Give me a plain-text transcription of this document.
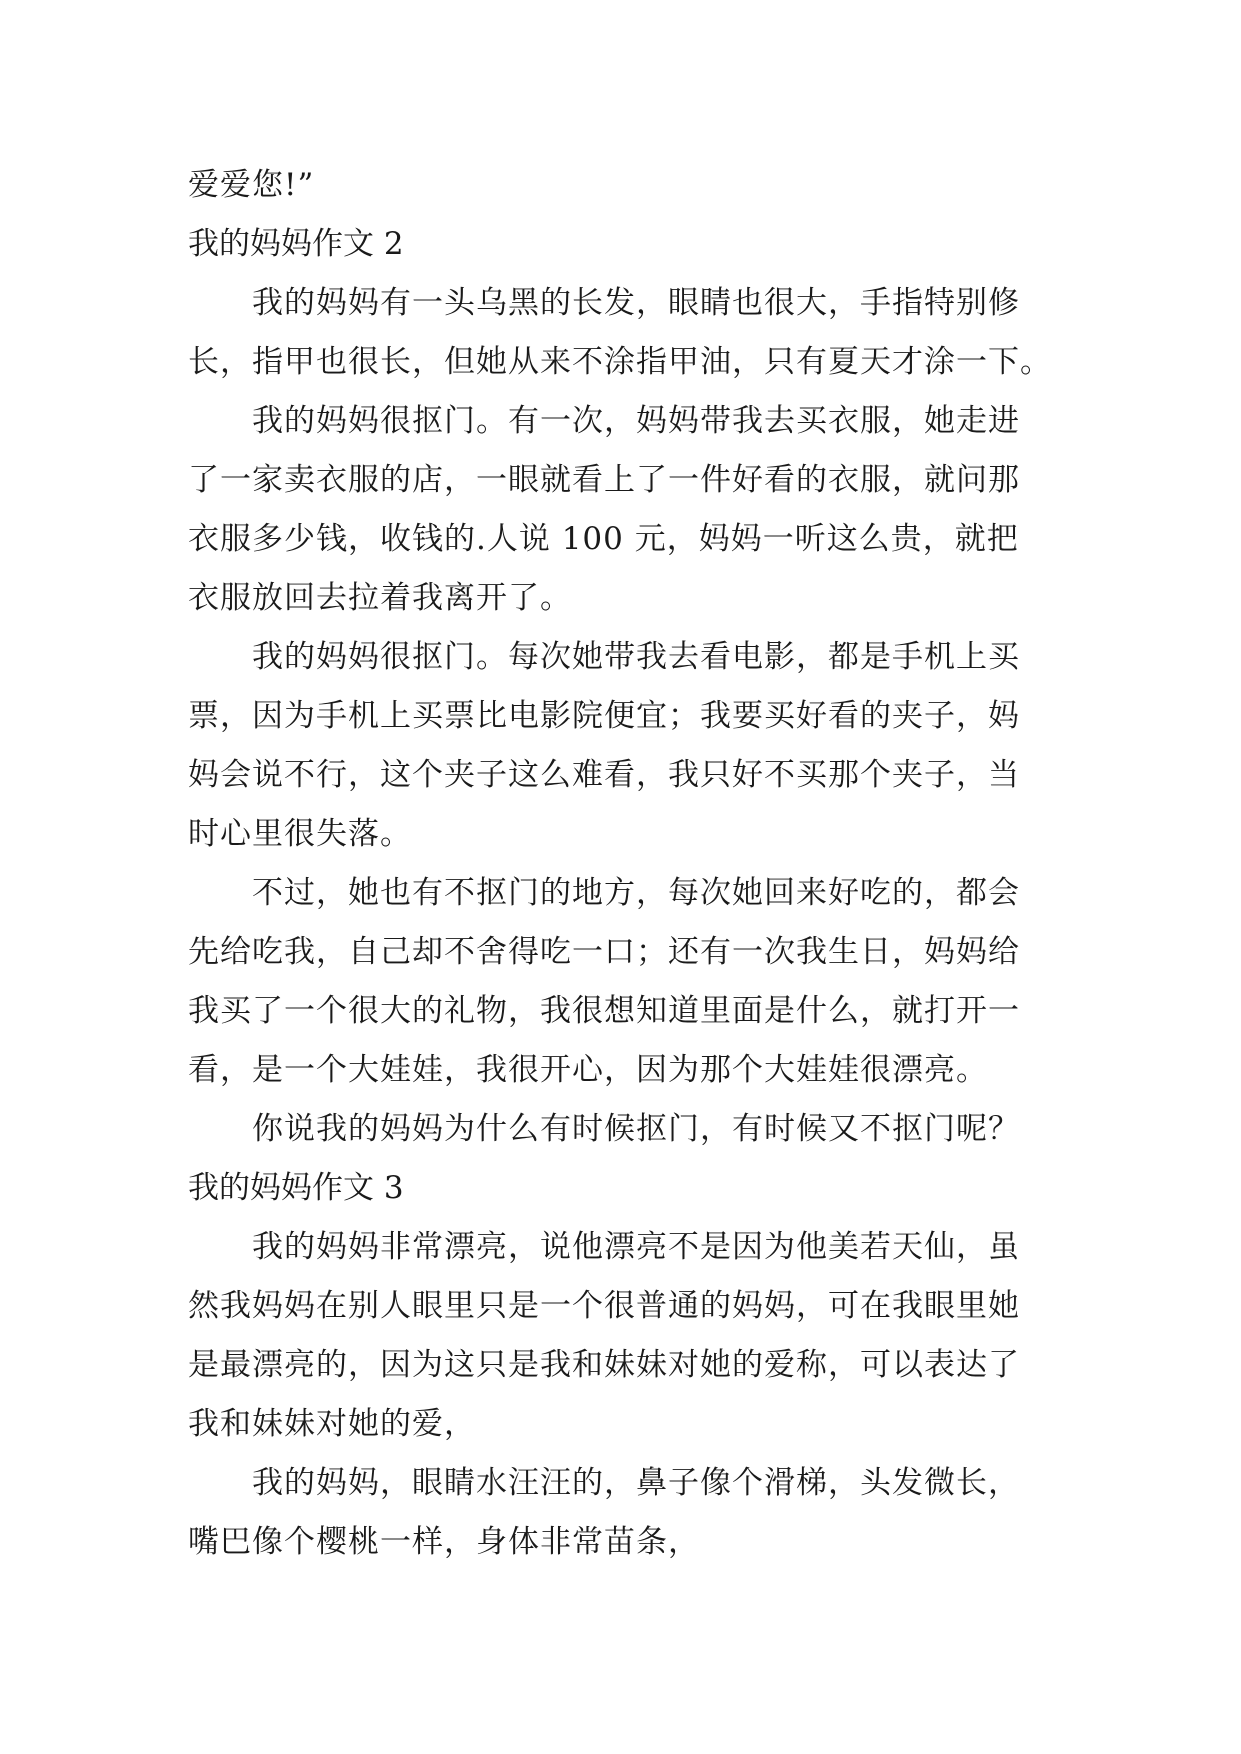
爱爱您!”
我的妈妈作文 2
我的妈妈有一头乌黑的长发，眼睛也很大，手指特别修
长，指甲也很长，但她从来不涂指甲油，只有夏天才涂一下。
我的妈妈很抠门。有一次，妈妈带我去买衣服，她走进
了一家卖衣服的店，一眼就看上了一件好看的衣服，就问那
衣服多少钱，收钱的.人说 100 元，妈妈一听这么贵，就把
衣服放回去拉着我离开了。
我的妈妈很抠门。每次她带我去看电影，都是手机上买
票，因为手机上买票比电影院便宜；我要买好看的夹子，妈
妈会说不行，这个夹子这么难看，我只好不买那个夹子，当
时心里很失落。
不过，她也有不抠门的地方，每次她回来好吃的，都会
先给吃我，自己却不舍得吃一口；还有一次我生日，妈妈给
我买了一个很大的礼物，我很想知道里面是什么，就打开一
看，是一个大娃娃，我很开心，因为那个大娃娃很漂亮。
你说我的妈妈为什么有时候抠门，有时候又不抠门呢？
我的妈妈作文 3
我的妈妈非常漂亮，说他漂亮不是因为他美若天仙，虽
然我妈妈在别人眼里只是一个很普通的妈妈，可在我眼里她
是最漂亮的，因为这只是我和妹妹对她的爱称，可以表达了
我和妹妹对她的爱，
我的妈妈，眼睛水汪汪的，鼻子像个滑梯，头发微长，
嘴巴像个樱桃一样，身体非常苗条，
